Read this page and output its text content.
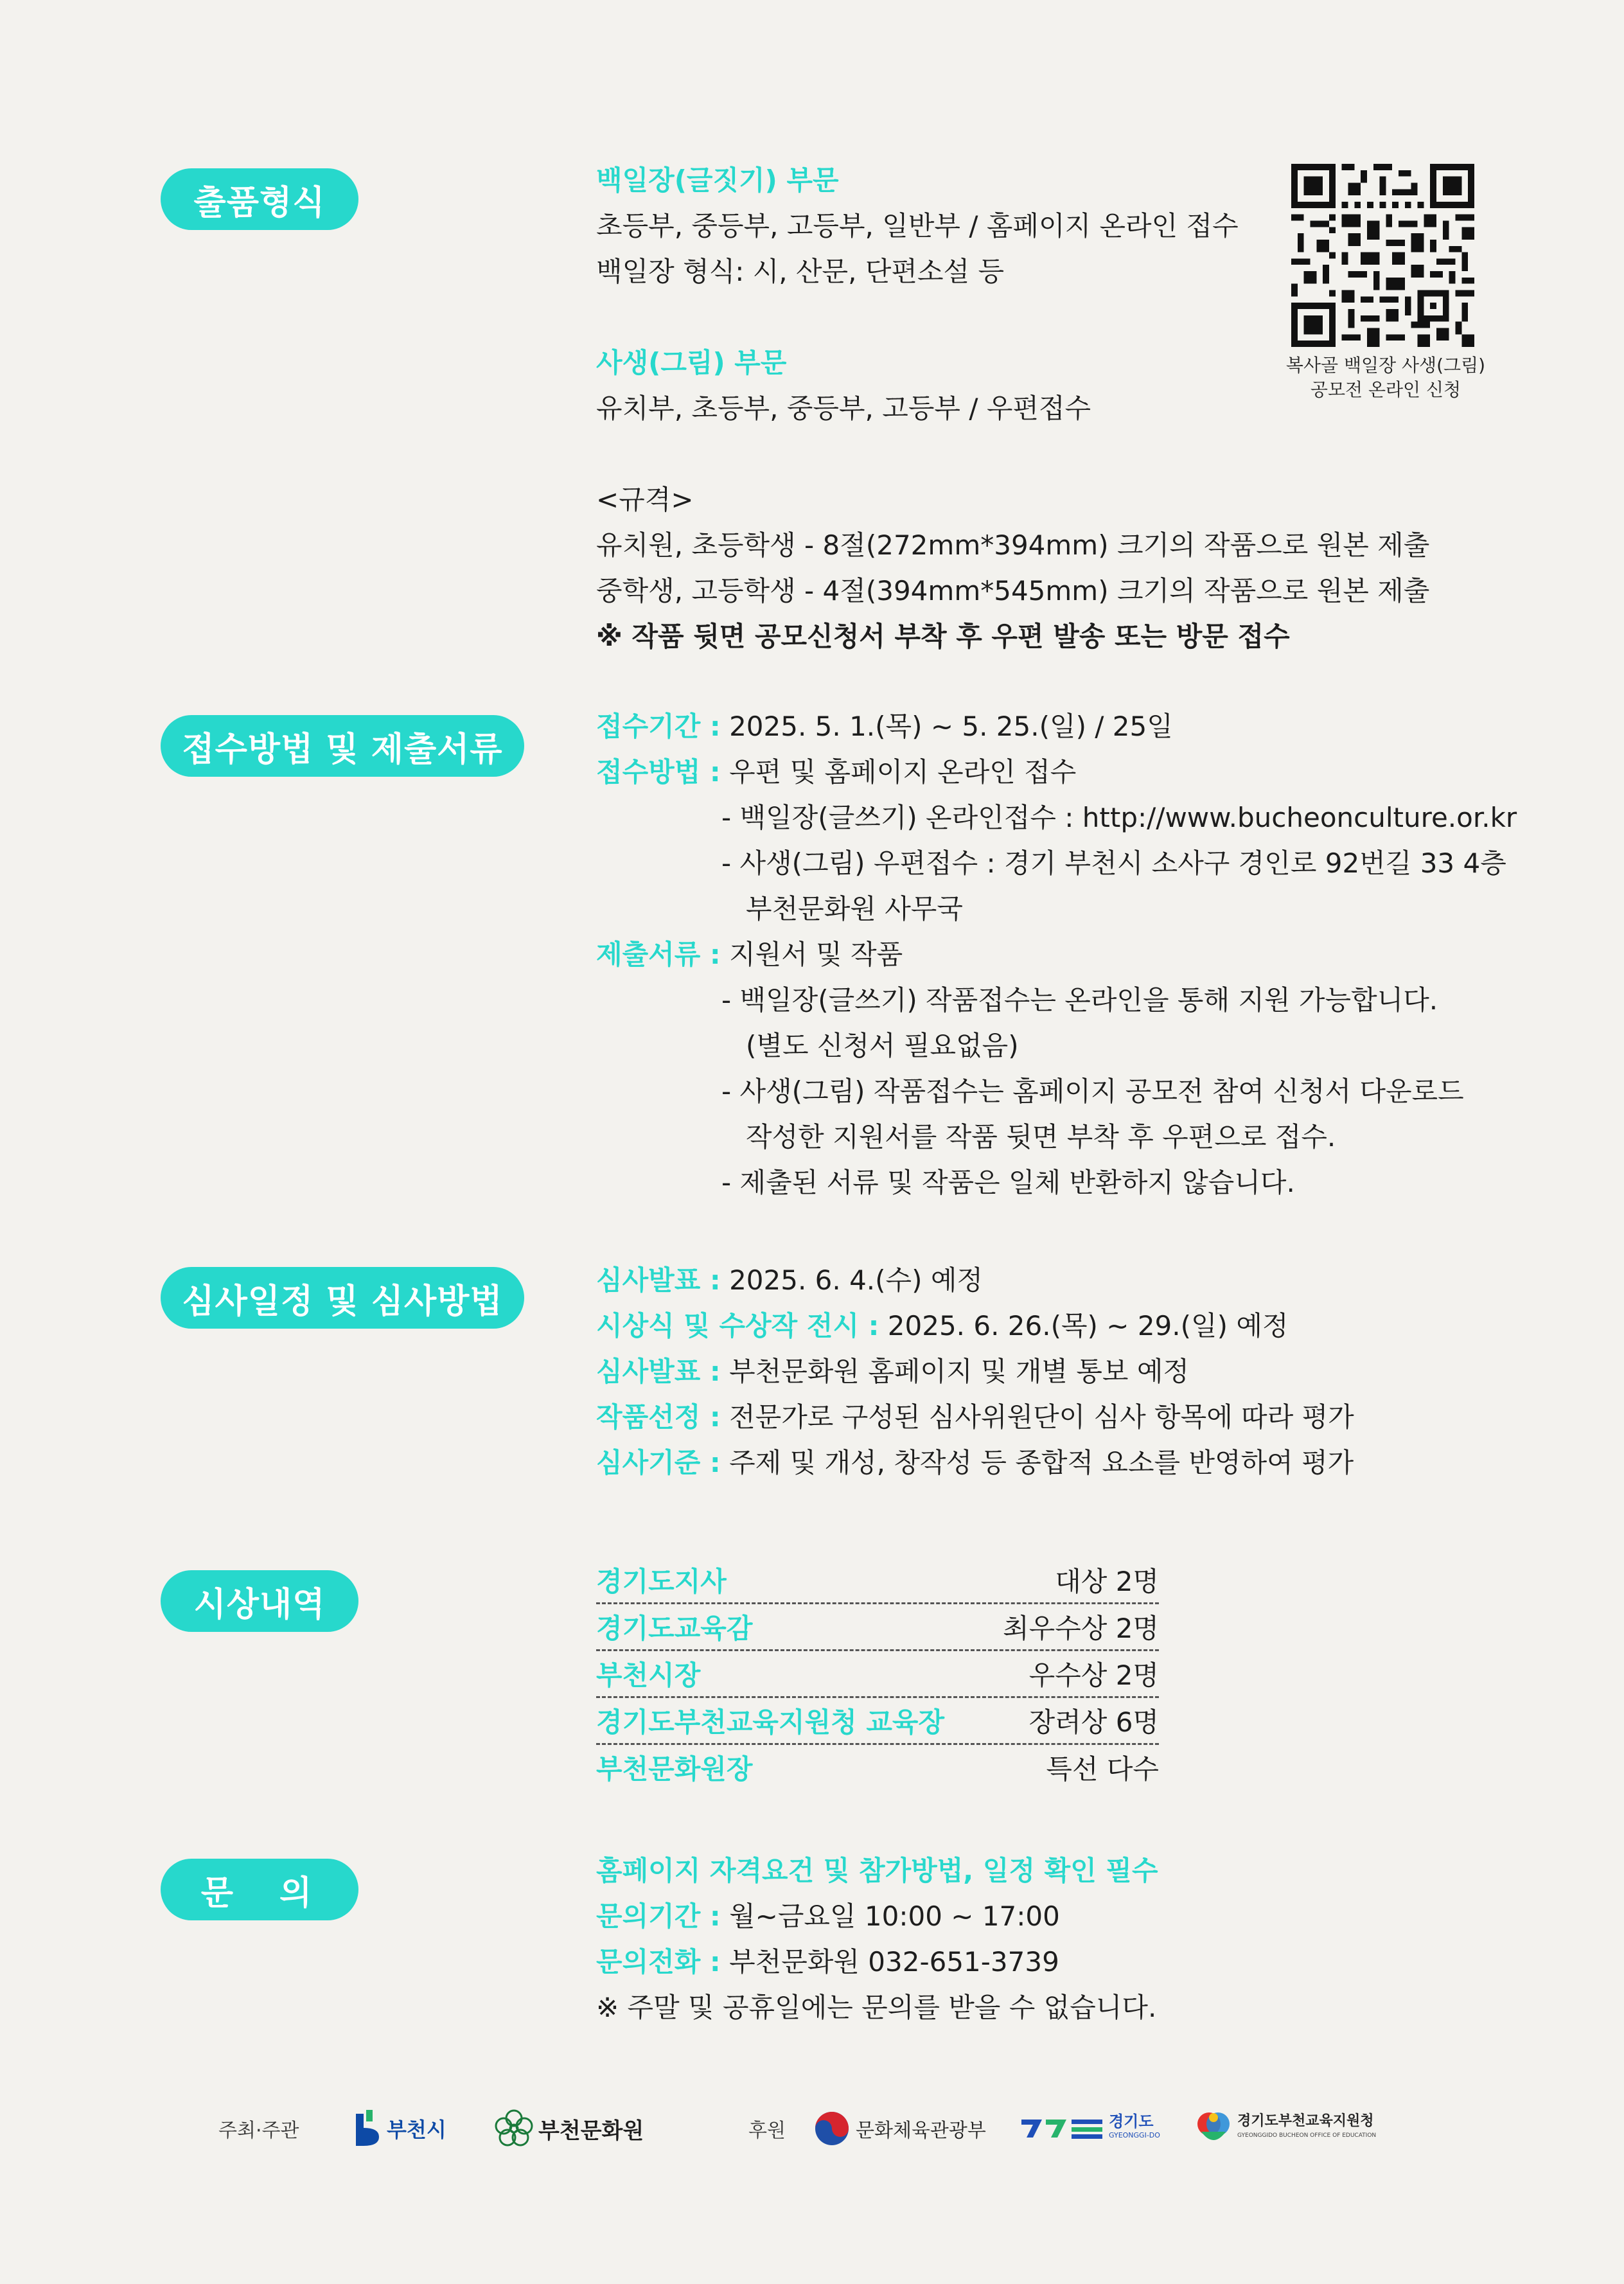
출품형식
백일장(글짓기) 부문
초등부, 중등부, 고등부, 일반부 / 홈페이지 온라인 접수
백일장 형식: 시, 산문, 단편소설 등
사생(그림) 부문
유치부, 초등부, 중등부, 고등부 / 우편접수
<규격>
유치원, 초등학생 - 8절(272mm*394mm) 크기의 작품으로 원본 제출
중학생, 고등학생 - 4절(394mm*545mm) 크기의 작품으로 원본 제출
※ 작품 뒷면 공모신청서 부착 후 우편 발송 또는 방문 접수
복사골 백일장 사생(그림)
공모전 온라인 신청
접수방법 및 제출서류
접수기간 : 2025. 5. 1.(목) ~ 5. 25.(일) / 25일
접수방법 : 우편 및 홈페이지 온라인 접수
- 백일장(글쓰기) 온라인접수 : http://www.bucheonculture.or.kr
- 사생(그림) 우편접수 : 경기 부천시 소사구 경인로 92번길 33 4층
부천문화원 사무국
제출서류 : 지원서 및 작품
- 백일장(글쓰기) 작품접수는 온라인을 통해 지원 가능합니다.
(별도 신청서 필요없음)
- 사생(그림) 작품접수는 홈페이지 공모전 참여 신청서 다운로드
작성한 지원서를 작품 뒷면 부착 후 우편으로 접수.
- 제출된 서류 및 작품은 일체 반환하지 않습니다.
심사일정 및 심사방법
심사발표 : 2025. 6. 4.(수) 예정
시상식 및 수상작 전시 : 2025. 6. 26.(목) ~ 29.(일) 예정
심사발표 : 부천문화원 홈페이지 및 개별 통보 예정
작품선정 : 전문가로 구성된 심사위원단이 심사 항목에 따라 평가
심사기준 : 주제 및 개성, 창작성 등 종합적 요소를 반영하여 평가
시상내역
경기도지사	대상 2명
경기도교육감	최우수상 2명
부천시장	우수상 2명
경기도부천교육지원청 교육장	장려상 6명
부천문화원장	특선 다수
문　의
홈페이지 자격요건 및 참가방법, 일정 확인 필수
문의기간 : 월~금요일 10:00 ~ 17:00
문의전화 : 부천문화원 032-651-3739
※ 주말 및 공휴일에는 문의를 받을 수 없습니다.
주최·주관	부천시	부천문화원	후원	문화체육관광부	경기도
GYEONGGI-DO
경기도부천교육지원청
GYEONGGIDO BUCHEON OFFICE OF EDUCATION
